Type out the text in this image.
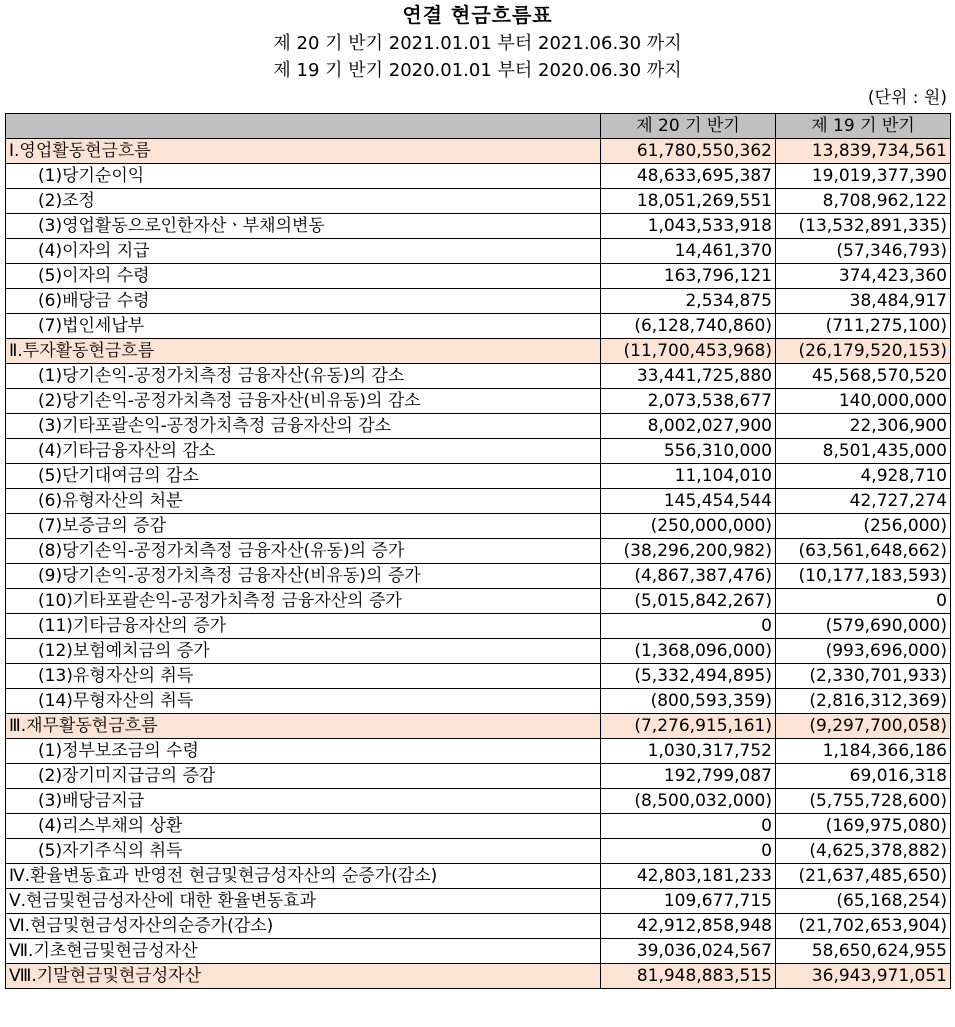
연결 현금흐름표
제 20 기 반기 2021.01.01 부터 2021.06.30 까지
제 19 기 반기 2020.01.01 부터 2020.06.30 까지
(단위 : 원)
	제 20 기 반기	제 19 기 반기
Ⅰ.영업활동현금흐름	61,780,550,362	13,839,734,561
(1)당기순이익	48,633,695,387	19,019,377,390
(2)조정	18,051,269,551	8,708,962,122
(3)영업활동으로인한자산ㆍ부채의변동	1,043,533,918	(13,532,891,335)
(4)이자의 지급	14,461,370	(57,346,793)
(5)이자의 수령	163,796,121	374,423,360
(6)배당금 수령	2,534,875	38,484,917
(7)법인세납부	(6,128,740,860)	(711,275,100)
Ⅱ.투자활동현금흐름	(11,700,453,968)	(26,179,520,153)
(1)당기손익-공정가치측정 금융자산(유동)의 감소	33,441,725,880	45,568,570,520
(2)당기손익-공정가치측정 금융자산(비유동)의 감소	2,073,538,677	140,000,000
(3)기타포괄손익-공정가치측정 금융자산의 감소	8,002,027,900	22,306,900
(4)기타금융자산의 감소	556,310,000	8,501,435,000
(5)단기대여금의 감소	11,104,010	4,928,710
(6)유형자산의 처분	145,454,544	42,727,274
(7)보증금의 증감	(250,000,000)	(256,000)
(8)당기손익-공정가치측정 금융자산(유동)의 증가	(38,296,200,982)	(63,561,648,662)
(9)당기손익-공정가치측정 금융자산(비유동)의 증가	(4,867,387,476)	(10,177,183,593)
(10)기타포괄손익-공정가치측정 금융자산의 증가	(5,015,842,267)	0
(11)기타금융자산의 증가	0	(579,690,000)
(12)보험예치금의 증가	(1,368,096,000)	(993,696,000)
(13)유형자산의 취득	(5,332,494,895)	(2,330,701,933)
(14)무형자산의 취득	(800,593,359)	(2,816,312,369)
Ⅲ.재무활동현금흐름	(7,276,915,161)	(9,297,700,058)
(1)정부보조금의 수령	1,030,317,752	1,184,366,186
(2)장기미지급금의 증감	192,799,087	69,016,318
(3)배당금지급	(8,500,032,000)	(5,755,728,600)
(4)리스부채의 상환	0	(169,975,080)
(5)자기주식의 취득	0	(4,625,378,882)
Ⅳ.환율변동효과 반영전 현금및현금성자산의 순증가(감소)	42,803,181,233	(21,637,485,650)
Ⅴ.현금및현금성자산에 대한 환율변동효과	109,677,715	(65,168,254)
Ⅵ.현금및현금성자산의순증가(감소)	42,912,858,948	(21,702,653,904)
Ⅶ.기초현금및현금성자산	39,036,024,567	58,650,624,955
Ⅷ.기말현금및현금성자산	81,948,883,515	36,943,971,051
